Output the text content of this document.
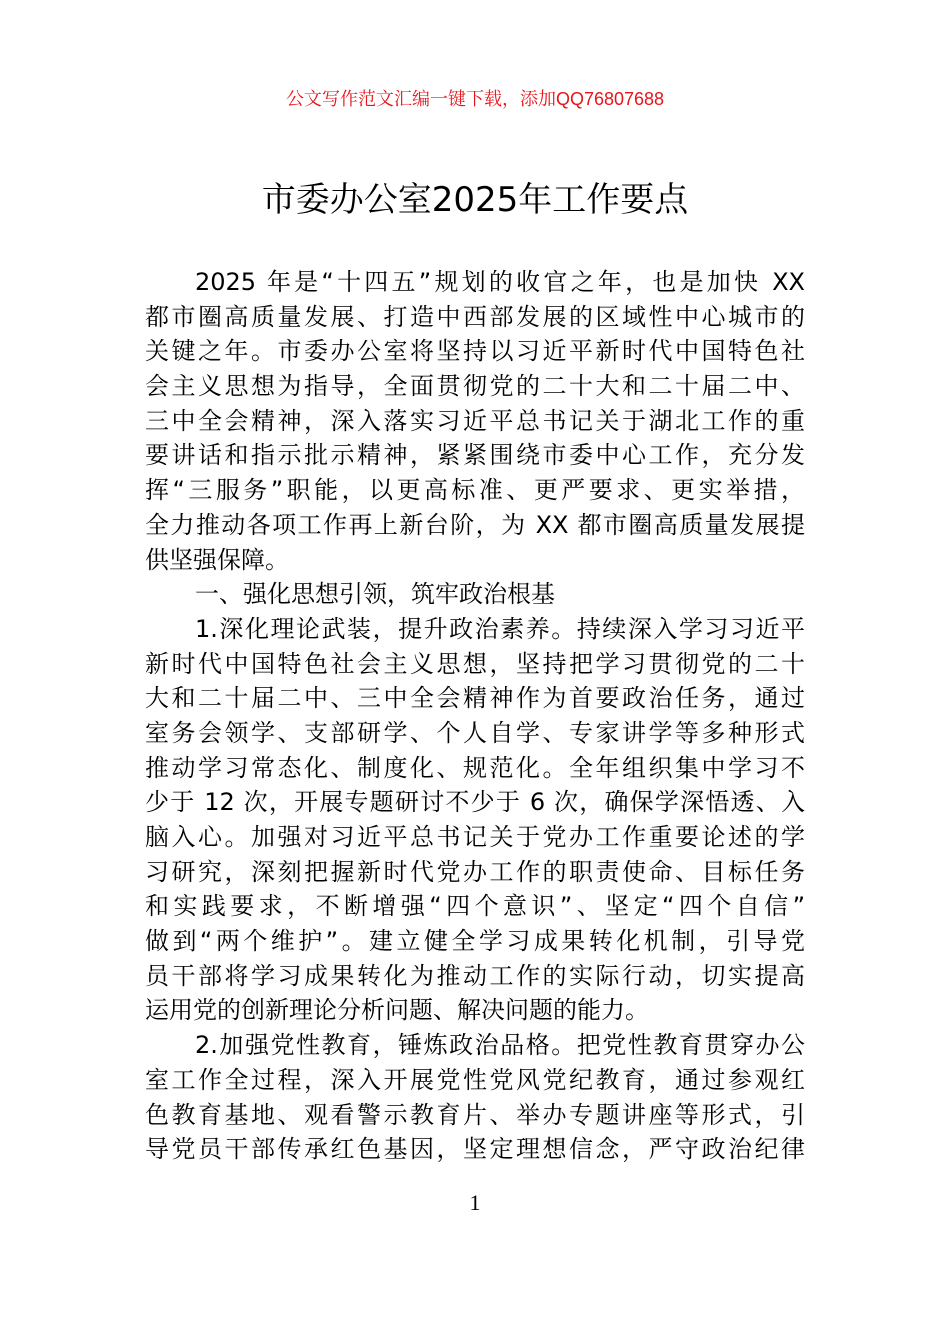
公文写作范文汇编一键下载，添加QQ76807688
市委办公室2025年工作要点
2025 年是“十四五”规划的收官之年，也是加快 XX
都市圈高质量发展、打造中西部发展的区域性中心城市的
关键之年。市委办公室将坚持以习近平新时代中国特色社
会主义思想为指导，全面贯彻党的二十大和二十届二中、
三中全会精神，深入落实习近平总书记关于湖北工作的重
要讲话和指示批示精神，紧紧围绕市委中心工作，充分发
挥“三服务”职能，以更高标准、更严要求、更实举措，
全力推动各项工作再上新台阶，为 XX 都市圈高质量发展提
供坚强保障。
一、强化思想引领，筑牢政治根基
1.深化理论武装，提升政治素养。持续深入学习习近平
新时代中国特色社会主义思想，坚持把学习贯彻党的二十
大和二十届二中、三中全会精神作为首要政治任务，通过
室务会领学、支部研学、个人自学、专家讲学等多种形式
推动学习常态化、制度化、规范化。全年组织集中学习不
少于 12 次，开展专题研讨不少于 6 次，确保学深悟透、入
脑入心。加强对习近平总书记关于党办工作重要论述的学
习研究，深刻把握新时代党办工作的职责使命、目标任务
和实践要求，不断增强“四个意识”、坚定“四个自信”
做到“两个维护”。建立健全学习成果转化机制，引导党
员干部将学习成果转化为推动工作的实际行动，切实提高
运用党的创新理论分析问题、解决问题的能力。
2.加强党性教育，锤炼政治品格。把党性教育贯穿办公
室工作全过程，深入开展党性党风党纪教育，通过参观红
色教育基地、观看警示教育片、举办专题讲座等形式，引
导党员干部传承红色基因，坚定理想信念，严守政治纪律
1
